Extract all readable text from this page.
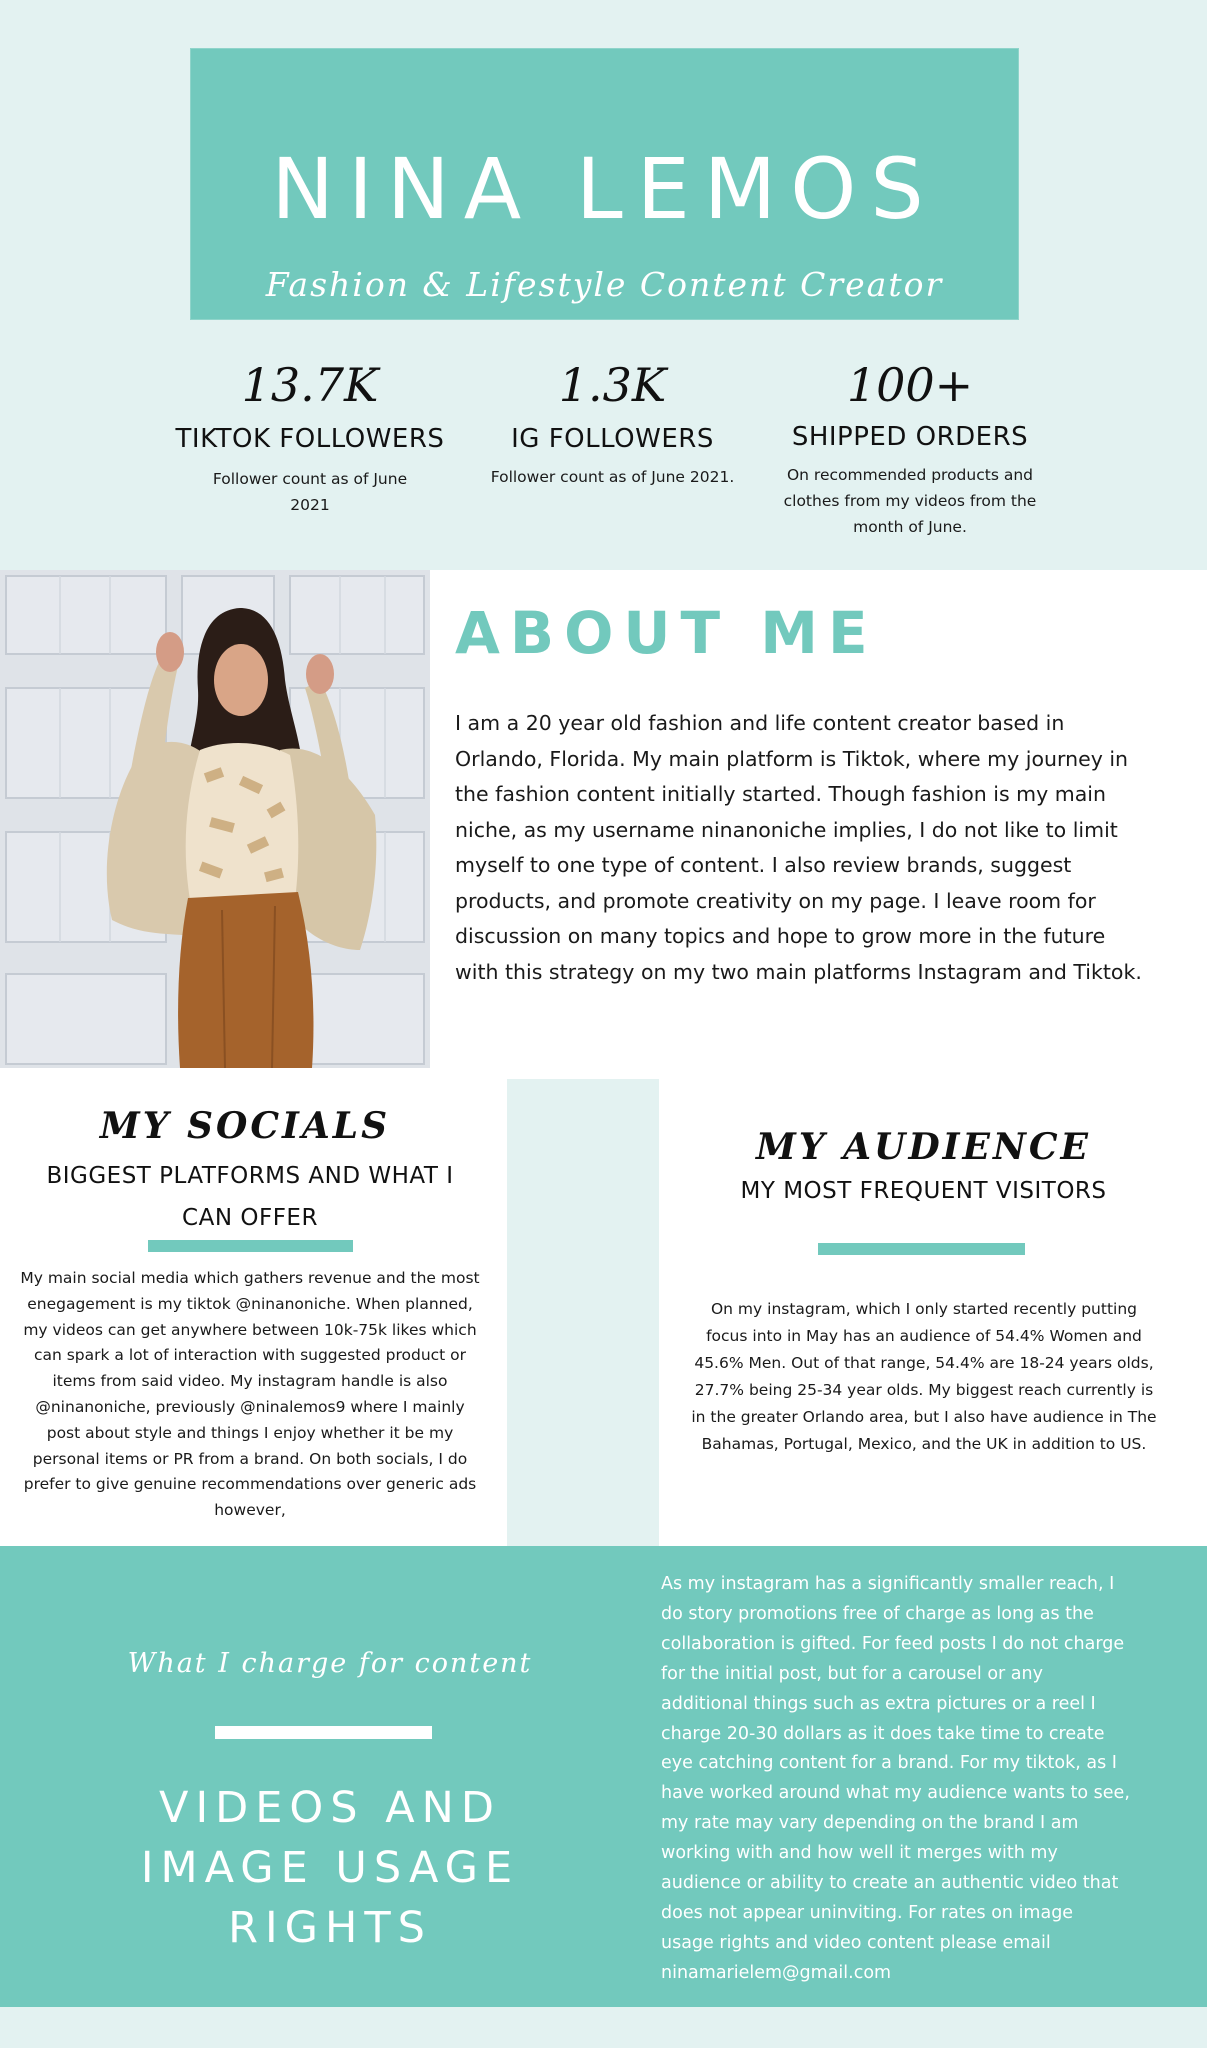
NINA LEMOS
Fashion & Lifestyle Content Creator
13.7K
TIKTOK FOLLOWERS
Follower count as of June 2021
1.3K
IG FOLLOWERS
Follower count as of June 2021.
100+
SHIPPED ORDERS
On recommended products and clothes from my videos from the month of June.
ABOUT ME
I am a 20 year old fashion and life content creator based in Orlando, Florida. My main platform is Tiktok, where my journey in the fashion content initially started. Though fashion is my main niche, as my username ninanoniche implies, I do not like to limit myself to one type of content. I also review brands, suggest products, and promote creativity on my page. I leave room for discussion on many topics and hope to grow more in the future with this strategy on my two main platforms Instagram and Tiktok.
MY SOCIALS
BIGGEST PLATFORMS AND WHAT I CAN OFFER
My main social media which gathers revenue and the most enegagement is my tiktok @ninanoniche. When planned, my videos can get anywhere between 10k-75k likes which can spark a lot of interaction with suggested product or items from said video. My instagram handle is also @ninanoniche, previously @ninalemos9 where I mainly post about style and things I enjoy whether it be my personal items or PR from a brand. On both socials, I do prefer to give genuine recommendations over generic ads however,
MY AUDIENCE
MY MOST FREQUENT VISITORS
On my instagram, which I only started recently putting focus into in May has an audience of 54.4% Women and 45.6% Men. Out of that range, 54.4% are 18-24 years olds, 27.7% being 25-34 year olds. My biggest reach currently is in the greater Orlando area, but I also have audience in The Bahamas, Portugal, Mexico, and the UK in addition to US.
What I charge for content
VIDEOS AND IMAGE USAGE RIGHTS
As my instagram has a significantly smaller reach, I do story promotions free of charge as long as the collaboration is gifted. For feed posts I do not charge for the initial post, but for a carousel or any additional things such as extra pictures or a reel I charge 20-30 dollars as it does take time to create eye catching content for a brand. For my tiktok, as I have worked around what my audience wants to see, my rate may vary depending on the brand I am working with and how well it merges with my audience or ability to create an authentic video that does not appear uninviting. For rates on image usage rights and video content please email ninamarielem@gmail.com
